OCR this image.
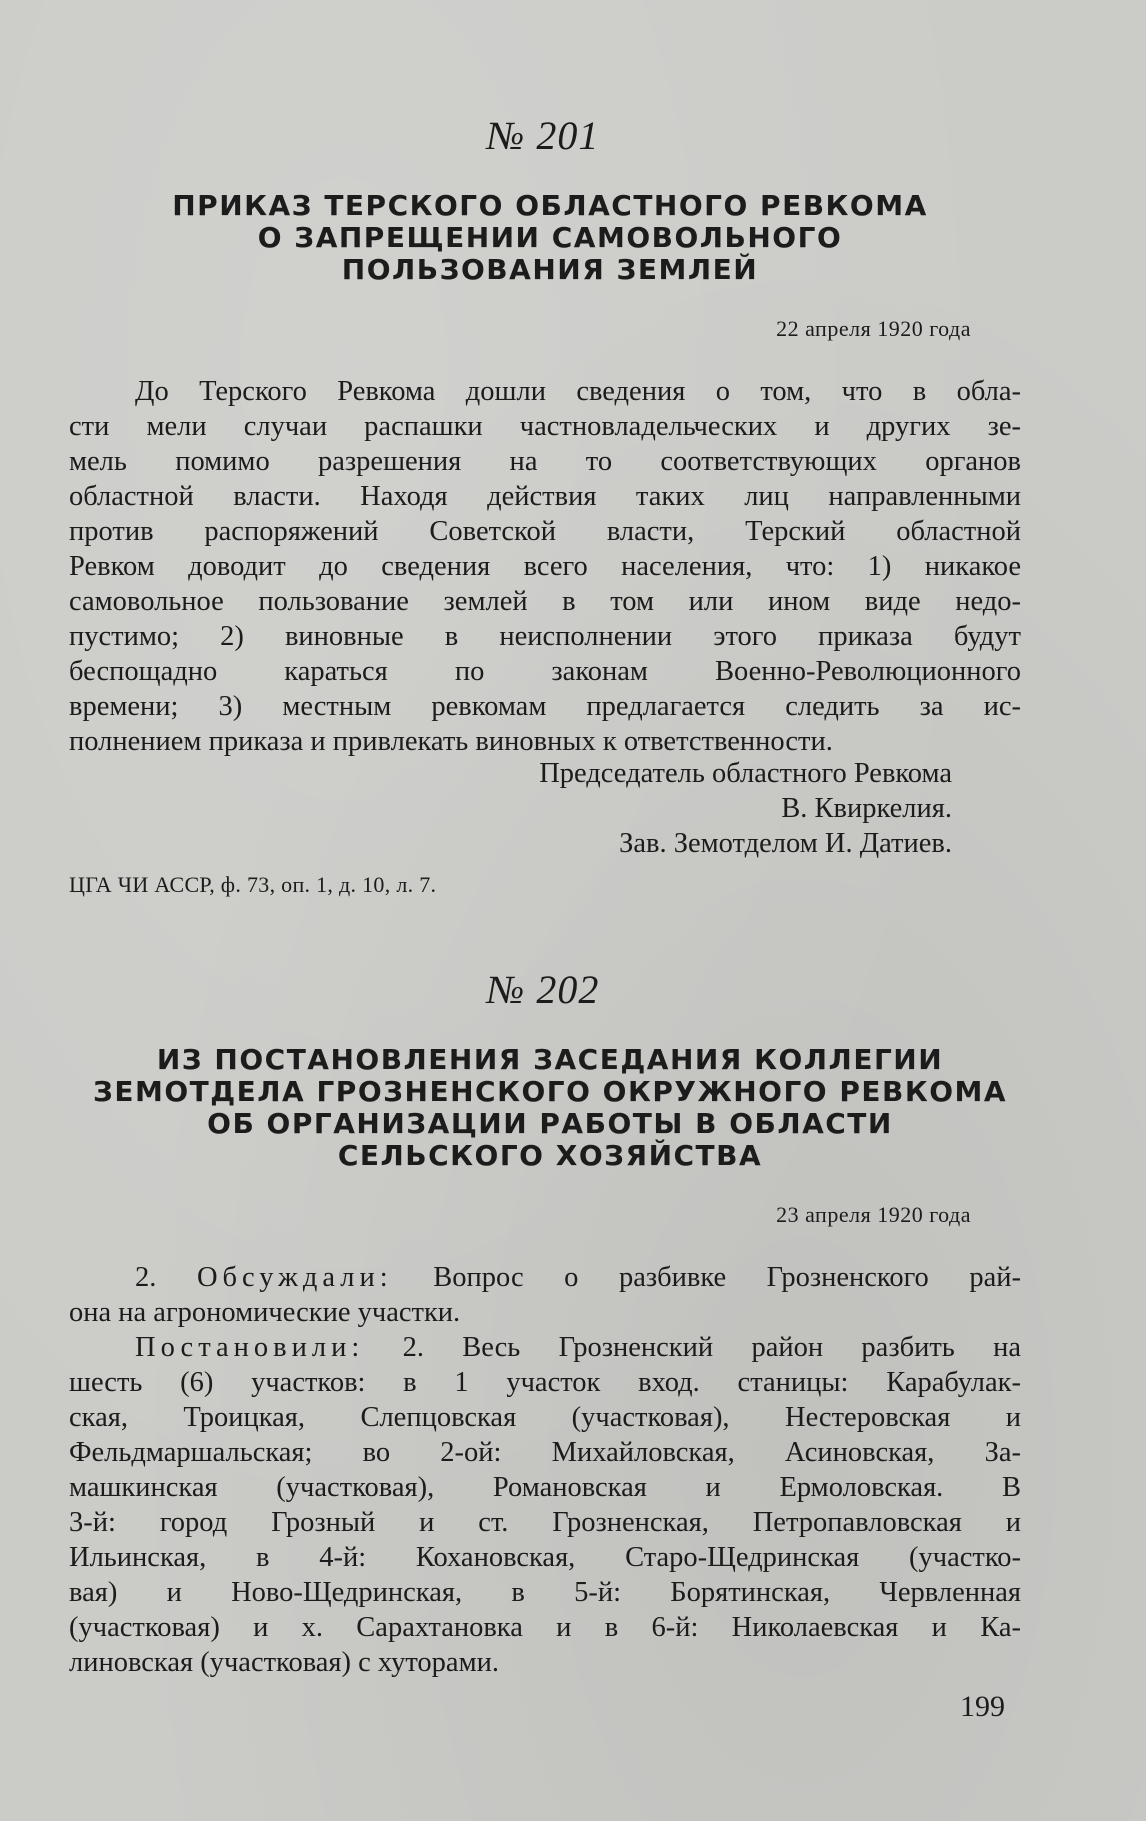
№ 201
ПРИКАЗ ТЕРСКОГО ОБЛАСТНОГО РЕВКОМА
О ЗАПРЕЩЕНИИ САМОВОЛЬНОГО
ПОЛЬЗОВАНИЯ ЗЕМЛЕЙ
22 апреля 1920 года
До Терского Ревкома дошли сведения о том, что в обла-
сти мели случаи распашки частновладельческих и других зе-
мель помимо разрешения на то соответствующих органов
областной власти. Находя действия таких лиц направленными
против распоряжений Советской власти, Терский областной
Ревком доводит до сведения всего населения, что: 1) никакое
самовольное пользование землей в том или ином виде недо-
пустимо; 2) виновные в неисполнении этого приказа будут
беспощадно караться по законам Военно-Революционного
времени; 3) местным ревкомам предлагается следить за ис-
полнением приказа и привлекать виновных к ответственности.
Председатель областного Ревкома
В. Квиркелия.
Зав. Земотделом И. Датиев.
ЦГА ЧИ АССР, ф. 73, оп. 1, д. 10, л. 7.
№ 202
ИЗ ПОСТАНОВЛЕНИЯ ЗАСЕДАНИЯ КОЛЛЕГИИ
ЗЕМОТДЕЛА ГРОЗНЕНСКОГО ОКРУЖНОГО РЕВКОМА
ОБ ОРГАНИЗАЦИИ РАБОТЫ В ОБЛАСТИ
СЕЛЬСКОГО ХОЗЯЙСТВА
23 апреля 1920 года
2. Обсуждали: Вопрос о разбивке Грозненского рай-
она на агрономические участки.
Постановили: 2. Весь Грозненский район разбить на
шесть (6) участков: в 1 участок вход. станицы: Карабулак-
ская, Троицкая, Слепцовская (участковая), Нестеровская и
Фельдмаршальская; во 2-ой: Михайловская, Асиновская, За-
машкинская (участковая), Романовская и Ермоловская. В
3-й: город Грозный и ст. Грозненская, Петропавловская и
Ильинская, в 4-й: Кохановская, Старо-Щедринская (участко-
вая) и Ново-Щедринская, в 5-й: Борятинская, Червленная
(участковая) и х. Сарахтановка и в 6-й: Николаевская и Ка-
линовская (участковая) с хуторами.
199
